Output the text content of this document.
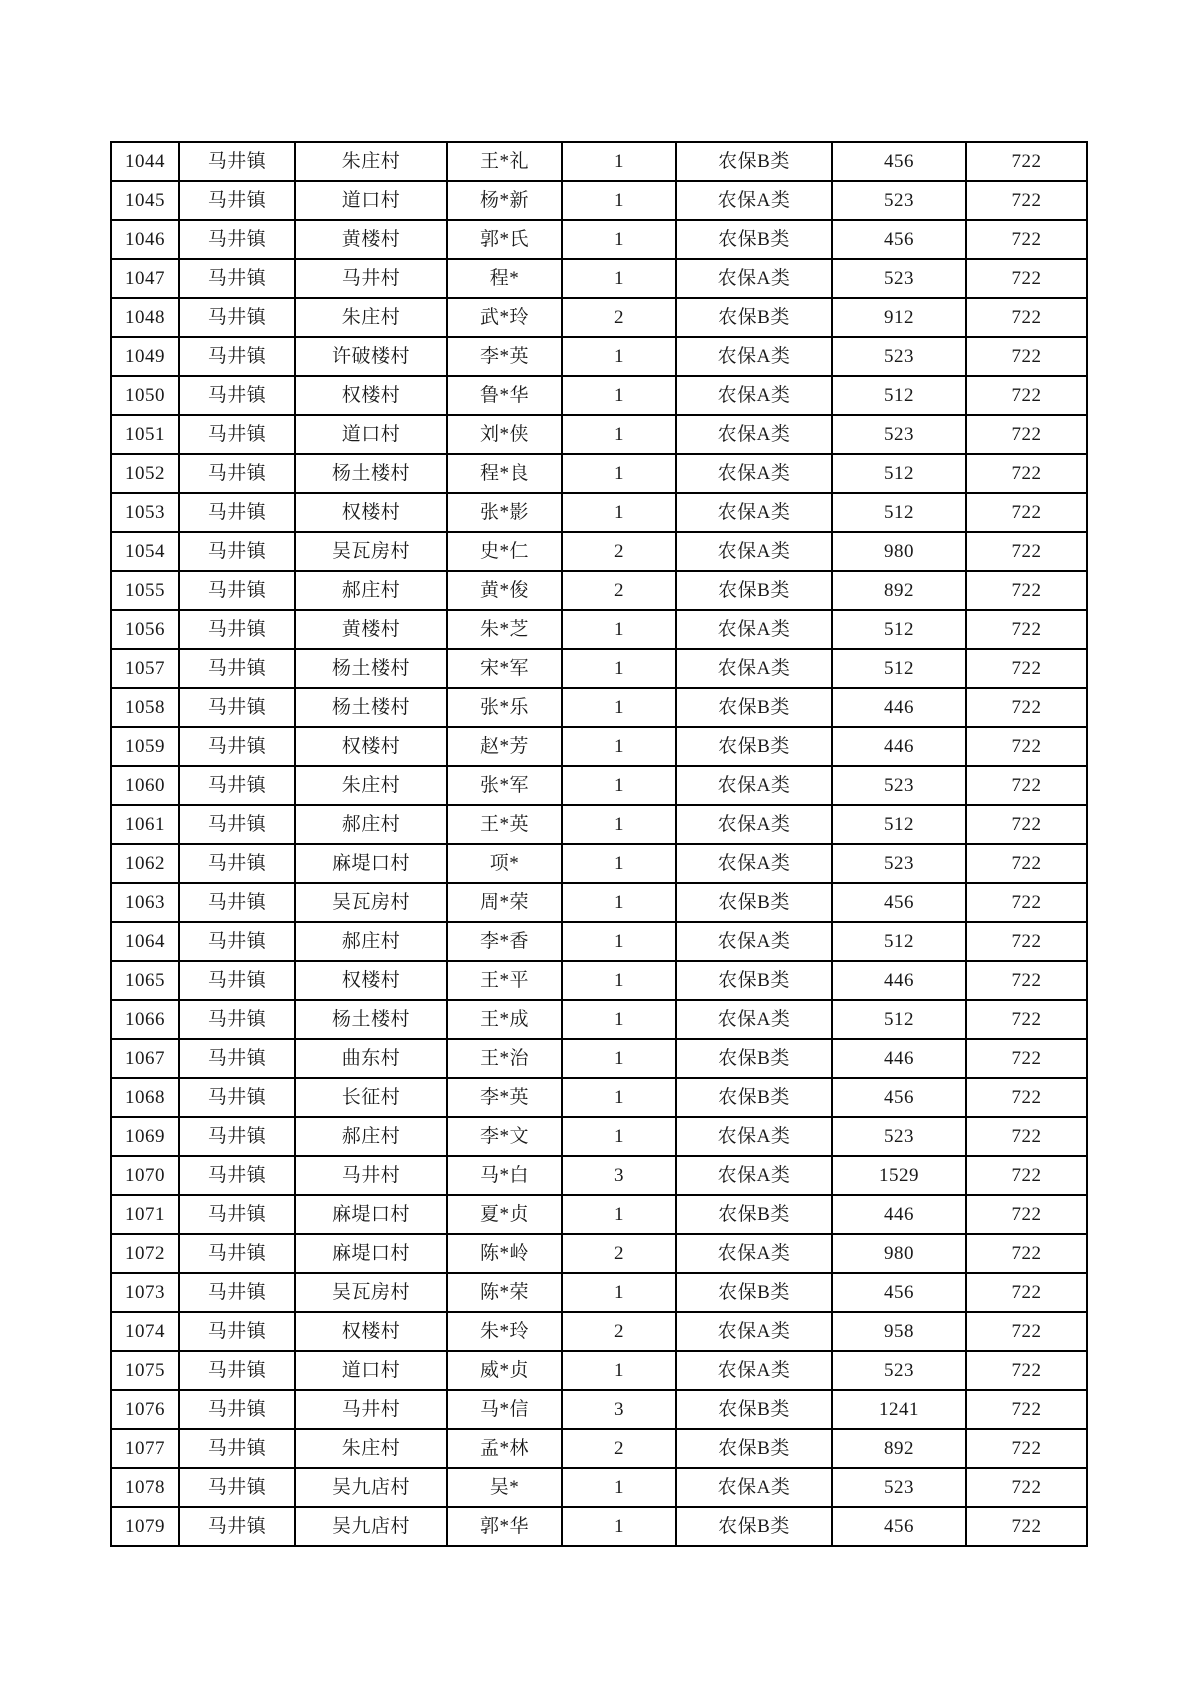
1044	马井镇	朱庄村	王*礼	1	农保B类	456	722
1045	马井镇	道口村	杨*新	1	农保A类	523	722
1046	马井镇	黄楼村	郭*氏	1	农保B类	456	722
1047	马井镇	马井村	程*	1	农保A类	523	722
1048	马井镇	朱庄村	武*玲	2	农保B类	912	722
1049	马井镇	许破楼村	李*英	1	农保A类	523	722
1050	马井镇	权楼村	鲁*华	1	农保A类	512	722
1051	马井镇	道口村	刘*侠	1	农保A类	523	722
1052	马井镇	杨土楼村	程*良	1	农保A类	512	722
1053	马井镇	权楼村	张*影	1	农保A类	512	722
1054	马井镇	吴瓦房村	史*仁	2	农保A类	980	722
1055	马井镇	郝庄村	黄*俊	2	农保B类	892	722
1056	马井镇	黄楼村	朱*芝	1	农保A类	512	722
1057	马井镇	杨土楼村	宋*军	1	农保A类	512	722
1058	马井镇	杨土楼村	张*乐	1	农保B类	446	722
1059	马井镇	权楼村	赵*芳	1	农保B类	446	722
1060	马井镇	朱庄村	张*军	1	农保A类	523	722
1061	马井镇	郝庄村	王*英	1	农保A类	512	722
1062	马井镇	麻堤口村	项*	1	农保A类	523	722
1063	马井镇	吴瓦房村	周*荣	1	农保B类	456	722
1064	马井镇	郝庄村	李*香	1	农保A类	512	722
1065	马井镇	权楼村	王*平	1	农保B类	446	722
1066	马井镇	杨土楼村	王*成	1	农保A类	512	722
1067	马井镇	曲东村	王*治	1	农保B类	446	722
1068	马井镇	长征村	李*英	1	农保B类	456	722
1069	马井镇	郝庄村	李*文	1	农保A类	523	722
1070	马井镇	马井村	马*白	3	农保A类	1529	722
1071	马井镇	麻堤口村	夏*贞	1	农保B类	446	722
1072	马井镇	麻堤口村	陈*岭	2	农保A类	980	722
1073	马井镇	吴瓦房村	陈*荣	1	农保B类	456	722
1074	马井镇	权楼村	朱*玲	2	农保A类	958	722
1075	马井镇	道口村	威*贞	1	农保A类	523	722
1076	马井镇	马井村	马*信	3	农保B类	1241	722
1077	马井镇	朱庄村	孟*林	2	农保B类	892	722
1078	马井镇	吴九店村	吴*	1	农保A类	523	722
1079	马井镇	吴九店村	郭*华	1	农保B类	456	722
